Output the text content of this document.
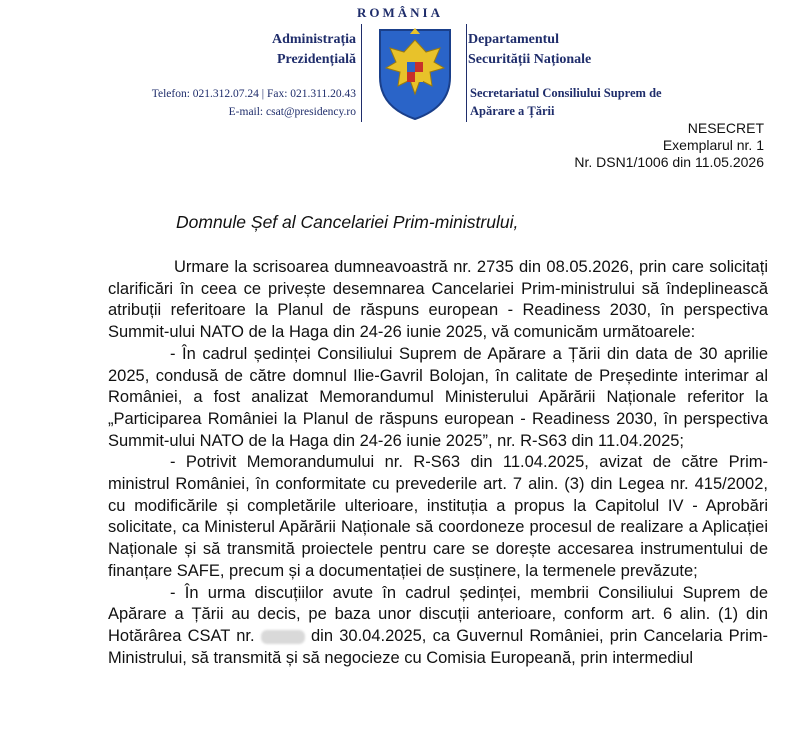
ROMÂNIA
Administrația
Prezidențială
Departamentul
Securității Naționale
Telefon: 021.312.07.24 | Fax: 021.311.20.43
E-mail: csat@presidency.ro
Secretariatul Consiliului Suprem de
Apărare a Țării
NESECRET
Exemplarul nr. 1
Nr. DSN1/1006 din 11.05.2026
Domnule Șef al Cancelariei Prim-ministrului,

Urmare la scrisoarea dumneavoastră nr. 2735 din 08.05.2026, prin care solicitați clarificări în ceea ce privește desemnarea Cancelariei Prim-ministrului să îndeplinească atribuții referitoare la Planul de răspuns european - Readiness 2030, în perspectiva Summit-ului NATO de la Haga din 24-26 iunie 2025, vă comunicăm următoarele:

- În cadrul ședinței Consiliului Suprem de Apărare a Țării din data de 30 aprilie 2025, condusă de către domnul Ilie-Gavril Bolojan, în calitate de Președinte interimar al României, a fost analizat Memorandumul Ministerului Apărării Naționale referitor la „Participarea României la Planul de răspuns european - Readiness 2030, în perspectiva Summit-ului NATO de la Haga din 24-26 iunie 2025”, nr. R-S63 din 11.04.2025;

- Potrivit Memorandumului nr. R-S63 din 11.04.2025, avizat de către Prim-ministrul României, în conformitate cu prevederile art. 7 alin. (3) din Legea nr. 415/2002, cu modificările și completările ulterioare, instituția a propus la Capitolul IV - Aprobări solicitate, ca Ministerul Apărării Naționale să coordoneze procesul de realizare a Aplicației Naționale și să transmită proiectele pentru care se dorește accesarea instrumentului de finanțare SAFE, precum și a documentației de susținere, la termenele prevăzute;

- În urma discuțiilor avute în cadrul ședinței, membrii Consiliului Suprem de Apărare a Țării au decis, pe baza unor discuții anterioare, conform art. 6 alin. (1) din Hotărârea CSAT nr.	din 30.04.2025, ca Guvernul României, prin Cancelaria Prim-Ministrului, să transmită și să negocieze cu Comisia Europeană, prin intermediul
